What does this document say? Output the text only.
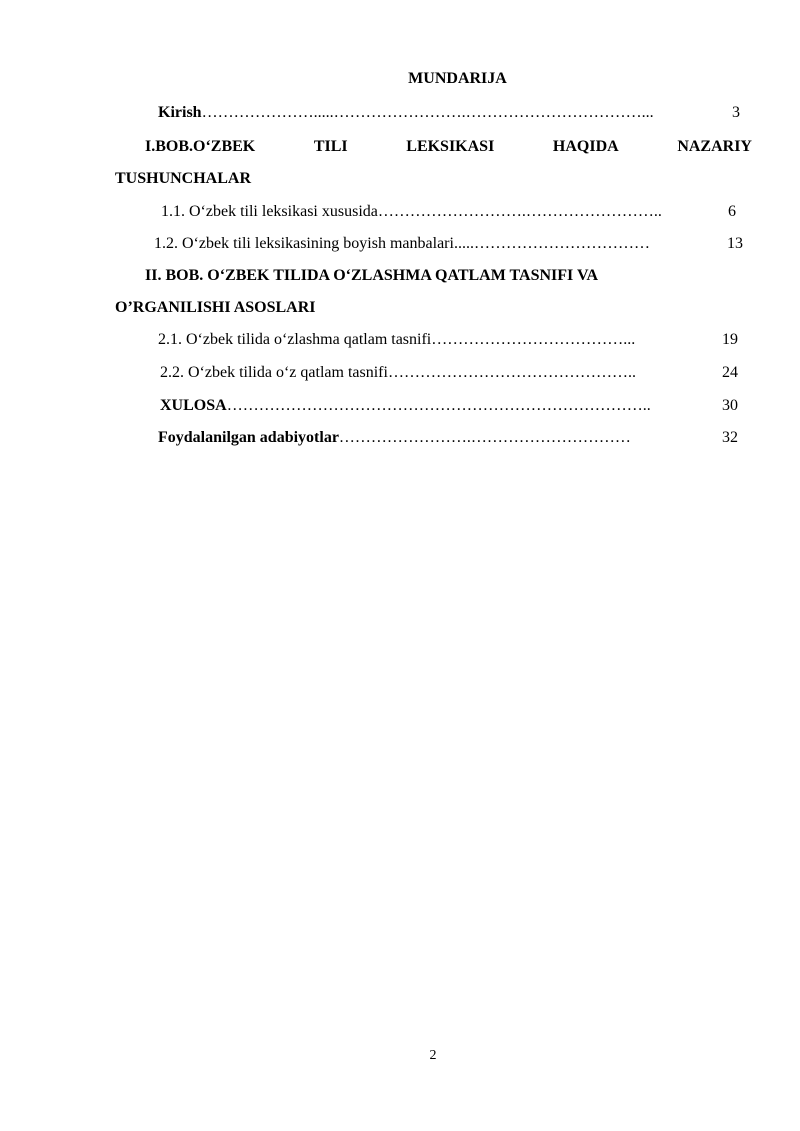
MUNDARIJA
Kirish………………….....…………………….……………………………...	3
I.BOB.O‘ZBEK	TILI	LEKSIKASI	HAQIDA	NAZARIY
TUSHUNCHALAR
1.1. O‘zbek tili leksikasi xususida……………………….……………………..	6
1.2. O‘zbek tili leksikasining boyish manbalari.....……………………………	13
II. BOB. O‘ZBEK TILIDA O‘ZLASHMA QATLAM TASNIFI VA
O’RGANILISHI ASOSLARI
2.1. O‘zbek tilida o‘zlashma qatlam tasnifi………………………………...	19
2.2. O‘zbek tilida o‘z qatlam tasnifi………………………………………..	24
XULOSA……………………………………………………………………..	30
Foydalanilgan adabiyotlar…………………….…………………………	32
2
